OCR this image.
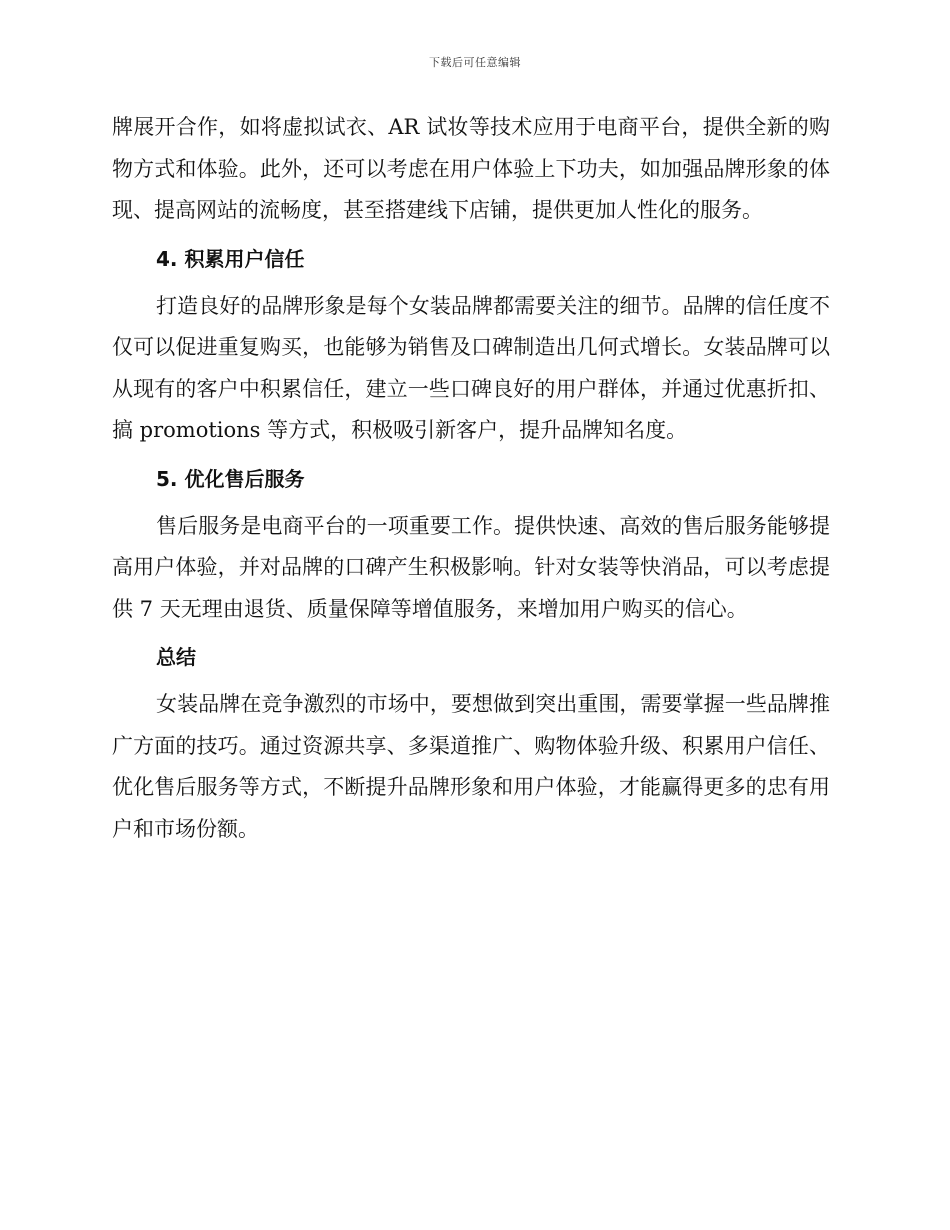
下载后可任意编辑

牌展开合作，如将虚拟试衣、AR 试妆等技术应用于电商平台，提供全新的购物方式和体验。此外，还可以考虑在用户体验上下功夫，如加强品牌形象的体现、提高网站的流畅度，甚至搭建线下店铺，提供更加人性化的服务。

4. 积累用户信任

打造良好的品牌形象是每个女装品牌都需要关注的细节。品牌的信任度不仅可以促进重复购买，也能够为销售及口碑制造出几何式增长。女装品牌可以从现有的客户中积累信任，建立一些口碑良好的用户群体，并通过优惠折扣、搞 promotions 等方式，积极吸引新客户，提升品牌知名度。

5. 优化售后服务

售后服务是电商平台的一项重要工作。提供快速、高效的售后服务能够提高用户体验，并对品牌的口碑产生积极影响。针对女装等快消品，可以考虑提供 7 天无理由退货、质量保障等增值服务，来增加用户购买的信心。

总结

女装品牌在竞争激烈的市场中，要想做到突出重围，需要掌握一些品牌推广方面的技巧。通过资源共享、多渠道推广、购物体验升级、积累用户信任、优化售后服务等方式，不断提升品牌形象和用户体验，才能赢得更多的忠有用户和市场份额。
